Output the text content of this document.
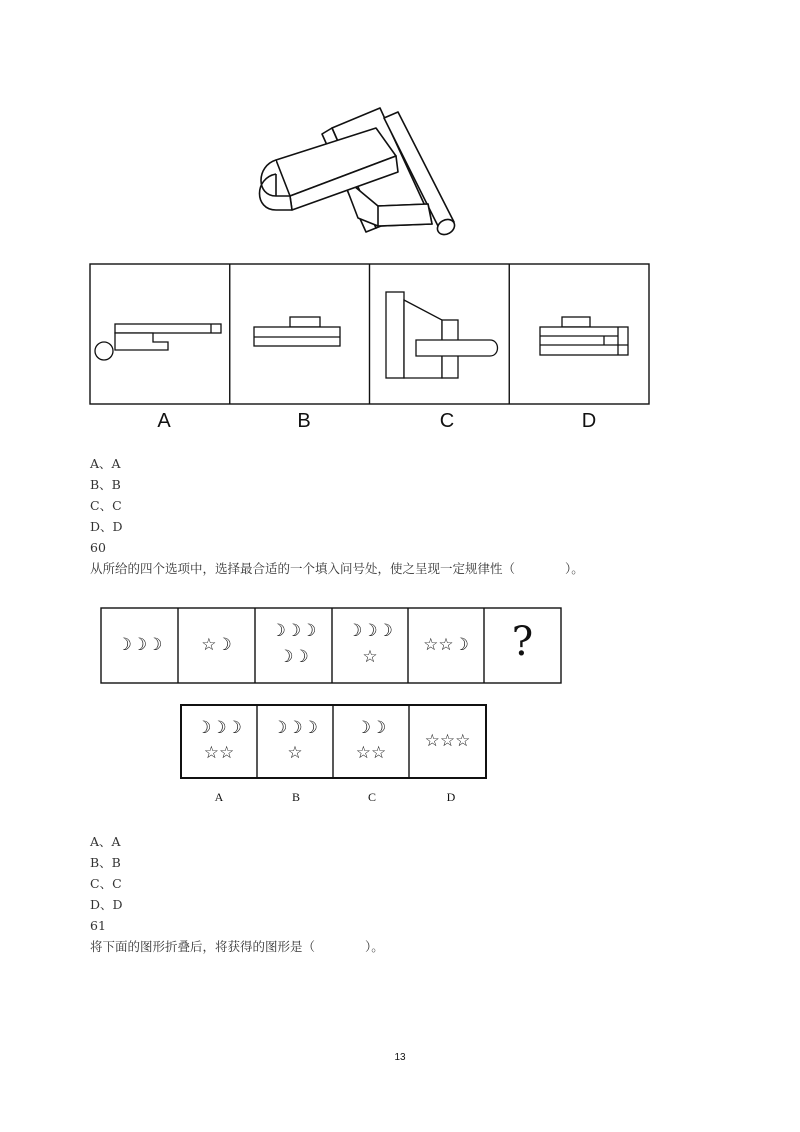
A	B	C	D
A、A
B、B
C、C
D、D
60
从所给的四个选项中，选择最合适的一个填入问号处，使之呈现一定规律性（　　　　）。
☽☽☽	☆☽
☽☽☽
☽☽
☽☽☽
☆
☆☆☽	?
☽☽☽
☆☆
☽☽☽
☆
☽☽
☆☆
☆☆☆
A	B	C	D
A、A
B、B
C、C
D、D
61
将下面的图形折叠后，将获得的图形是（　　　　）。
13
